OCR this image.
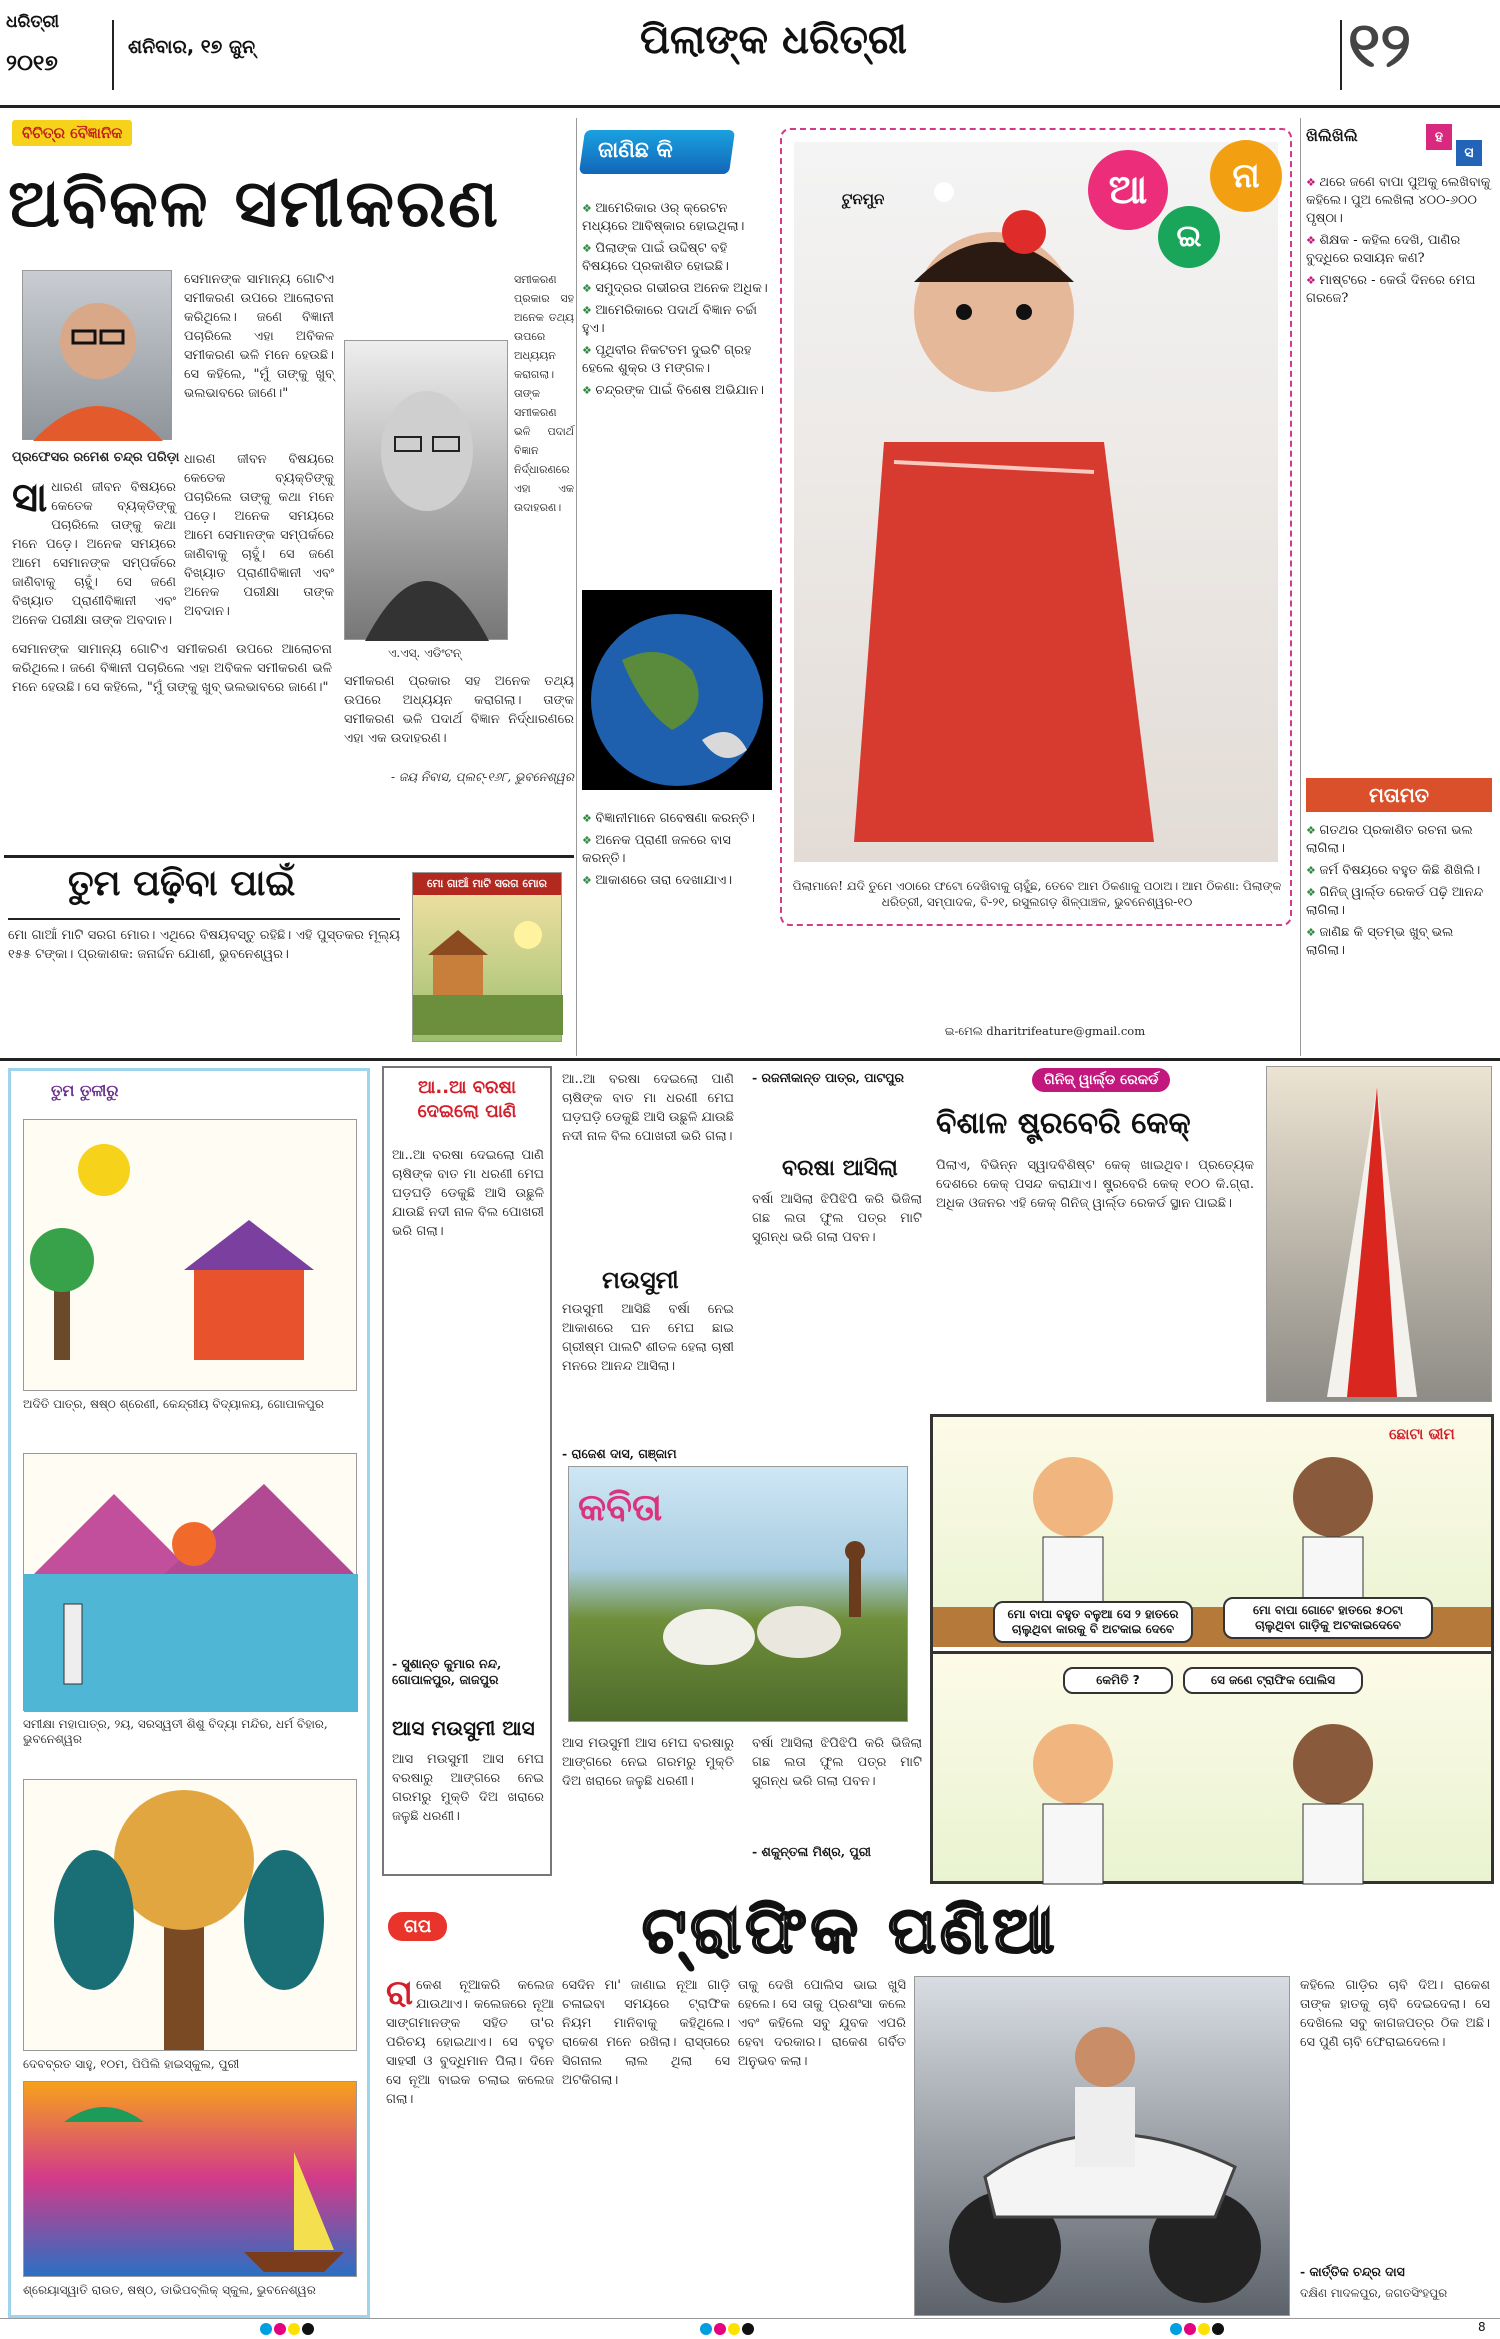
ଧରିତ୍ରୀ
୨୦୧୭
ଶନିବାର, ୧୭ ଜୁନ୍	ପିଲାଙ୍କ ଧରିତ୍ରୀ	୧୨
ବିଚିତ୍ର ବୈଜ୍ଞାନିକ
ଅବିକଳ ସମୀକରଣ
ପ୍ରଫେସର ରମେଶ ଚନ୍ଦ୍ର ପରିଡ଼ା
ସେମାନଙ୍କ ସାମାନ୍ୟ ଗୋଟିଏ ସମୀକରଣ ଉପରେ ଆଲୋଚନା କରିଥିଲେ। ଜଣେ ବିଜ୍ଞାନୀ ପଚାରିଲେ ଏହା ଅବିକଳ ସମୀକରଣ ଭଳି ମନେ ହେଉଛି। ସେ କହିଲେ, "ମୁଁ ତାଙ୍କୁ ଖୁବ୍ ଭଲଭାବରେ ଜାଣେ।"
ଏ.ଏସ୍. ଏଡିଂଟନ୍
ସମୀକରଣ ପ୍ରକାର ସହ ଅନେକ ତଥ୍ୟ ଉପରେ ଅଧ୍ୟୟନ କରାଗଲା। ତାଙ୍କ ସମୀକରଣ ଭଳି ପଦାର୍ଥ ବିଜ୍ଞାନ ନିର୍ଦ୍ଧାରଣରେ ଏହା ଏକ ଉଦାହରଣ।
ସା ଧାରଣ ଜୀବନ ବିଷୟରେ କେତେକ ବ୍ୟକ୍ତିଙ୍କୁ ପଚାରିଲେ ତାଙ୍କୁ କଥା ମନେ ପଡ଼େ। ଅନେକ ସମୟରେ ଆମେ ସେମାନଙ୍କ ସମ୍ପର୍କରେ ଜାଣିବାକୁ ଚାହୁଁ। ସେ ଜଣେ ବିଖ୍ୟାତ ପ୍ରାଣୀବିଜ୍ଞାନୀ ଏବଂ ଅନେକ ପରୀକ୍ଷା ତାଙ୍କ ଅବଦାନ।
ଧାରଣ ଜୀବନ ବିଷୟରେ କେତେକ ବ୍ୟକ୍ତିଙ୍କୁ ପଚାରିଲେ ତାଙ୍କୁ କଥା ମନେ ପଡ଼େ। ଅନେକ ସମୟରେ ଆମେ ସେମାନଙ୍କ ସମ୍ପର୍କରେ ଜାଣିବାକୁ ଚାହୁଁ। ସେ ଜଣେ ବିଖ୍ୟାତ ପ୍ରାଣୀବିଜ୍ଞାନୀ ଏବଂ ଅନେକ ପରୀକ୍ଷା ତାଙ୍କ ଅବଦାନ।
ସେମାନଙ୍କ ସାମାନ୍ୟ ଗୋଟିଏ ସମୀକରଣ ଉପରେ ଆଲୋଚନା କରିଥିଲେ। ଜଣେ ବିଜ୍ଞାନୀ ପଚାରିଲେ ଏହା ଅବିକଳ ସମୀକରଣ ଭଳି ମନେ ହେଉଛି। ସେ କହିଲେ, "ମୁଁ ତାଙ୍କୁ ଖୁବ୍ ଭଲଭାବରେ ଜାଣେ।" ସମୀକରଣ ପ୍ରକାର ସହ ଅନେକ ତଥ୍ୟ ଉପରେ ଅଧ୍ୟୟନ କରାଗଲା। ତାଙ୍କ ସମୀକରଣ ଭଳି ପଦାର୍ଥ ବିଜ୍ଞାନ ନିର୍ଦ୍ଧାରଣରେ ଏହା ଏକ ଉଦାହରଣ।
- ଜୟ ନିବାସ, ପ୍ଲଟ୍-୧୬୮, ଭୁବନେଶ୍ୱର
ତୁମ ପଢ଼ିବା ପାଇଁ
ମୋ ଗାଆଁ ମାଟି ସରଗ ମୋର। ଏଥିରେ ବିଷୟବସ୍ତୁ ରହିଛି। ଏହି ପୁସ୍ତକର ମୂଲ୍ୟ ୧୫୫ ଟଙ୍କା। ପ୍ରକାଶକ: ଜନାର୍ଦ୍ଦନ ଯୋଶୀ, ଭୁବନେଶ୍ୱର।
ମୋ ଗାଆଁ ମାଟି ସରଗ ମୋର
ଜାଣିଛ କି
❖ ଆମେରିକାର ଓର୍ କ୍ରେଟନ ମଧ୍ୟରେ ଆବିଷ୍କାର ହୋଇଥିଲା।
❖ ପିଲାଙ୍କ ପାଇଁ ଉଦ୍ଦିଷ୍ଟ ବହି ବିଷୟରେ ପ୍ରକାଶିତ ହୋଇଛି।
❖ ସମୁଦ୍ରର ଗଭୀରତା ଅନେକ ଅଧିକ।
❖ ଆମେରିକାରେ ପଦାର୍ଥ ବିଜ୍ଞାନ ଚର୍ଚ୍ଚା ହୁଏ।
❖ ପୃଥିବୀର ନିକଟତମ ଦୁଇଟି ଗ୍ରହ ହେଲେ ଶୁକ୍ର ଓ ମଙ୍ଗଳ।
❖ ଚନ୍ଦ୍ରଙ୍କ ପାଇଁ ବିଶେଷ ଅଭିଯାନ।
❖ ବିଜ୍ଞାନୀମାନେ ଗବେଷଣା କରନ୍ତି।
❖ ଅନେକ ପ୍ରାଣୀ ଜଳରେ ବାସ କରନ୍ତି।
❖ ଆକାଶରେ ତାରା ଦେଖାଯାଏ।
ଟୁନମୁନ
ପିଲାମାନେ! ଯଦି ତୁମେ ଏଠାରେ ଫଟୋ ଦେଖିବାକୁ ଚାହୁଁଛ, ତେବେ ଆମ ଠିକଣାକୁ ପଠାଅ। ଆମ ଠିକଣା: ପିଲାଙ୍କ ଧରିତ୍ରୀ, ସମ୍ପାଦକ, ବି-୨୧, ରସୁଲଗଡ଼ ଶିଳ୍ପାଞ୍ଚଳ, ଭୁବନେଶ୍ୱର-୧୦
ଆ
ଇ
ନା
ଇ-ମେଲ dharitrifeature@gmail.com
ଖିଲିଖିଲି	ହ
ସ
❖ ଥରେ ଜଣେ ବାପା ପୁଅକୁ ଲେଖିବାକୁ କହିଲେ। ପୁଅ ଲେଖିଲା ୪୦୦-୬୦୦ ପୃଷ୍ଠା।
❖ ଶିକ୍ଷକ - କହିଲ ଦେଖି, ପାଣିର ବୁଦ୍ଧିରେ ରସାୟନ କଣ?
❖ ମାଷ୍ଟରେ - କେଉଁ ଦିନରେ ମେଘ ଗରଜେ?
ମତାମତ
❖ ଗତଥର ପ୍ରକାଶିତ ରଚନା ଭଲ ଲାଗିଲା।
❖ ଜର୍ମ ବିଷୟରେ ବହୁତ କିଛି ଶିଖିଲି।
❖ ଗିନିଜ୍ ୱାର୍ଲ୍ଡ ରେକର୍ଡ ପଢ଼ି ଆନନ୍ଦ ଲାଗିଲା।
❖ ଜାଣିଛ କି ସ୍ତମ୍ଭ ଖୁବ୍ ଭଲ ଲାଗିଲା।
ତୁମ ତୁଳୀରୁ
ଅଦିତି ପାତ୍ର, ଷଷ୍ଠ ଶ୍ରେଣୀ, କେନ୍ଦ୍ରୀୟ ବିଦ୍ୟାଳୟ, ଗୋପାଳପୁର
ସମୀକ୍ଷା ମହାପାତ୍ର, ୨ୟ, ସରସ୍ୱତୀ ଶିଶୁ ବିଦ୍ୟା ମନ୍ଦିର, ଧର୍ମ ବିହାର, ଭୁବନେଶ୍ୱର
ଦେବବ୍ରତ ସାହୁ, ୧୦ମ, ପିପିଲି ହାଇସ୍କୁଲ, ପୁରୀ
ଶ୍ରେୟାସ୍ୱାତି ରାଉତ, ଷଷ୍ଠ, ଡାଭିପବ୍ଲିକ୍ ସ୍କୁଲ, ଭୁବନେଶ୍ୱର
ଆ..ଆ ବରଷା ଦେଇଲୋ ପାଣି
ଆ..ଆ ବରଷା ଦେଇଲୋ ପାଣି ଚାଷିଙ୍କ ବାତ ମା ଧରଣୀ ମେଘ ଘଡ଼ଘଡ଼ି ଡେକୁଛି ଆସି ଉଛୁଳି ଯାଉଛି ନଦୀ ନାଳ ବିଲ ପୋଖରୀ ଭରି ଗଲା।
- ସୁଶାନ୍ତ କୁମାର ନନ୍ଦ, ଗୋପାଳପୁର, ଜାଜପୁର
ଆସ ମଉସୁମୀ ଆସ
ଆସ ମଉସୁମୀ ଆସ ମେଘ ବରଷାରୁ ଆଙ୍ଗରେ ନେଇ ଗରମରୁ ମୁକ୍ତି ଦିଅ ଖରାରେ ଜଳୁଛି ଧରଣୀ।
ଆ..ଆ ବରଷା ଦେଇଲୋ ପାଣି ଚାଷିଙ୍କ ବାତ ମା ଧରଣୀ ମେଘ ଘଡ଼ଘଡ଼ି ଡେକୁଛି ଆସି ଉଛୁଳି ଯାଉଛି ନଦୀ ନାଳ ବିଲ ପୋଖରୀ ଭରି ଗଲା।
ମଉସୁମୀ
ମଉସୁମୀ ଆସିଛି ବର୍ଷା ନେଇ ଆକାଶରେ ଘନ ମେଘ ଛାଇ ଗ୍ରୀଷ୍ମ ପାଲଟି ଶୀତଳ ହେଲା ଚାଷୀ ମନରେ ଆନନ୍ଦ ଆସିଲା।
- ରଜନୀକାନ୍ତ ପାତ୍ର, ପାଟପୁର
ବରଷା ଆସିଲା
ବର୍ଷା ଆସିଲା ଝିପିଝିପି କରି ଭିଜିଲା ଗଛ ଲତା ଫୁଲ ପତ୍ର ମାଟି ସୁଗନ୍ଧ ଭରି ଗଲା ପବନ।
- ରାଜେଶ ଦାସ, ଗଞ୍ଜାମ
କବିତା
ଆସ ମଉସୁମୀ ଆସ ମେଘ ବରଷାରୁ ଆଙ୍ଗରେ ନେଇ ଗରମରୁ ମୁକ୍ତି ଦିଅ ଖରାରେ ଜଳୁଛି ଧରଣୀ।
ବର୍ଷା ଆସିଲା ଝିପିଝିପି କରି ଭିଜିଲା ଗଛ ଲତା ଫୁଲ ପତ୍ର ମାଟି ସୁଗନ୍ଧ ଭରି ଗଲା ପବନ।
- ଶକୁନ୍ତଳା ମିଶ୍ର, ପୁରୀ
ଗିନିଜ୍ ୱାର୍ଲ୍ଡ ରେକର୍ଡ
ବିଶାଳ ଷ୍ଟ୍ରବେରି କେକ୍
ପିଲାଏ, ବିଭିନ୍ନ ସ୍ୱାଦବିଶିଷ୍ଟ କେକ୍ ଖାଇଥିବ। ପ୍ରତ୍ୟେକ ଦେଶରେ କେକ୍ ପସନ୍ଦ କରାଯାଏ। ଷ୍ଟ୍ରବେରି କେକ୍ ୧୦୦ କି.ଗ୍ରା. ଅଧିକ ଓଜନର ଏହି କେକ୍ ଗିନିଜ୍ ୱାର୍ଲ୍ଡ ରେକର୍ଡ ସ୍ଥାନ ପାଇଛି।
ଛୋଟା ଭୀମ
ମୋ ବାପା ବହୁତ ବଳୁଆ ସେ ୨ ହାତରେ ଚାଲୁଥିବା କାରକୁ ବି ଅଟକାଇ ଦେବେ
ମୋ ବାପା ଗୋଟେ ହାତରେ ୫୦ଟା ଚାଲୁଥିବା ଗାଡ଼ିକୁ ଅଟକାଇଦେବେ
କେମିତି ?	ସେ ଜଣେ ଟ୍ରାଫିକ ପୋଲିସ
ଗପ	ଟ୍ରାଫିକ ପଣିଆ
ରା କେଶ ନୂଆକରି କଲେଜ ଯାଉଥାଏ। କଲେଜରେ ନୂଆ ସାଙ୍ଗମାନଙ୍କ ସହିତ ତା'ର ପରିଚୟ ହୋଇଥାଏ। ସେ ବହୁତ ସାହସୀ ଓ ବୁଦ୍ଧିମାନ ପିଲା। ଦିନେ ସେ ନୂଆ ବାଇକ ଚଲାଇ କଲେଜ ଗଲା।
ସେଦିନ ମା' ଜାଣାଇ ନୂଆ ଗାଡ଼ି ଚଳାଇବା ସମୟରେ ଟ୍ରାଫିକ ନିୟମ ମାନିବାକୁ କହିଥିଲେ। ରାକେଶ ମନେ ରଖିଲା। ରାସ୍ତାରେ ସିଗନାଲ ଲାଲ ଥିଲା ସେ ଅଟକିଗଲା।
ତାକୁ ଦେଖି ପୋଲିସ ଭାଇ ଖୁସି ହେଲେ। ସେ ତାକୁ ପ୍ରଶଂସା କଲେ ଏବଂ କହିଲେ ସବୁ ଯୁବକ ଏପରି ହେବା ଦରକାର। ରାକେଶ ଗର୍ବିତ ଅନୁଭବ କଲା।
କହିଲେ ଗାଡ଼ିର ଚାବି ଦିଅ। ରାକେଶ ତାଙ୍କ ହାତକୁ ଚାବି ଦେଇଦେଲା। ସେ ଦେଖିଲେ ସବୁ କାଗଜପତ୍ର ଠିକ ଅଛି। ସେ ପୁଣି ଚାବି ଫେରାଇଦେଲେ।
- କାର୍ତ୍ତିକ ଚନ୍ଦ୍ର ଦାସ
ଦକ୍ଷିଣ ମାଦଳପୁର, ଜଗତସିଂହପୁର
8
